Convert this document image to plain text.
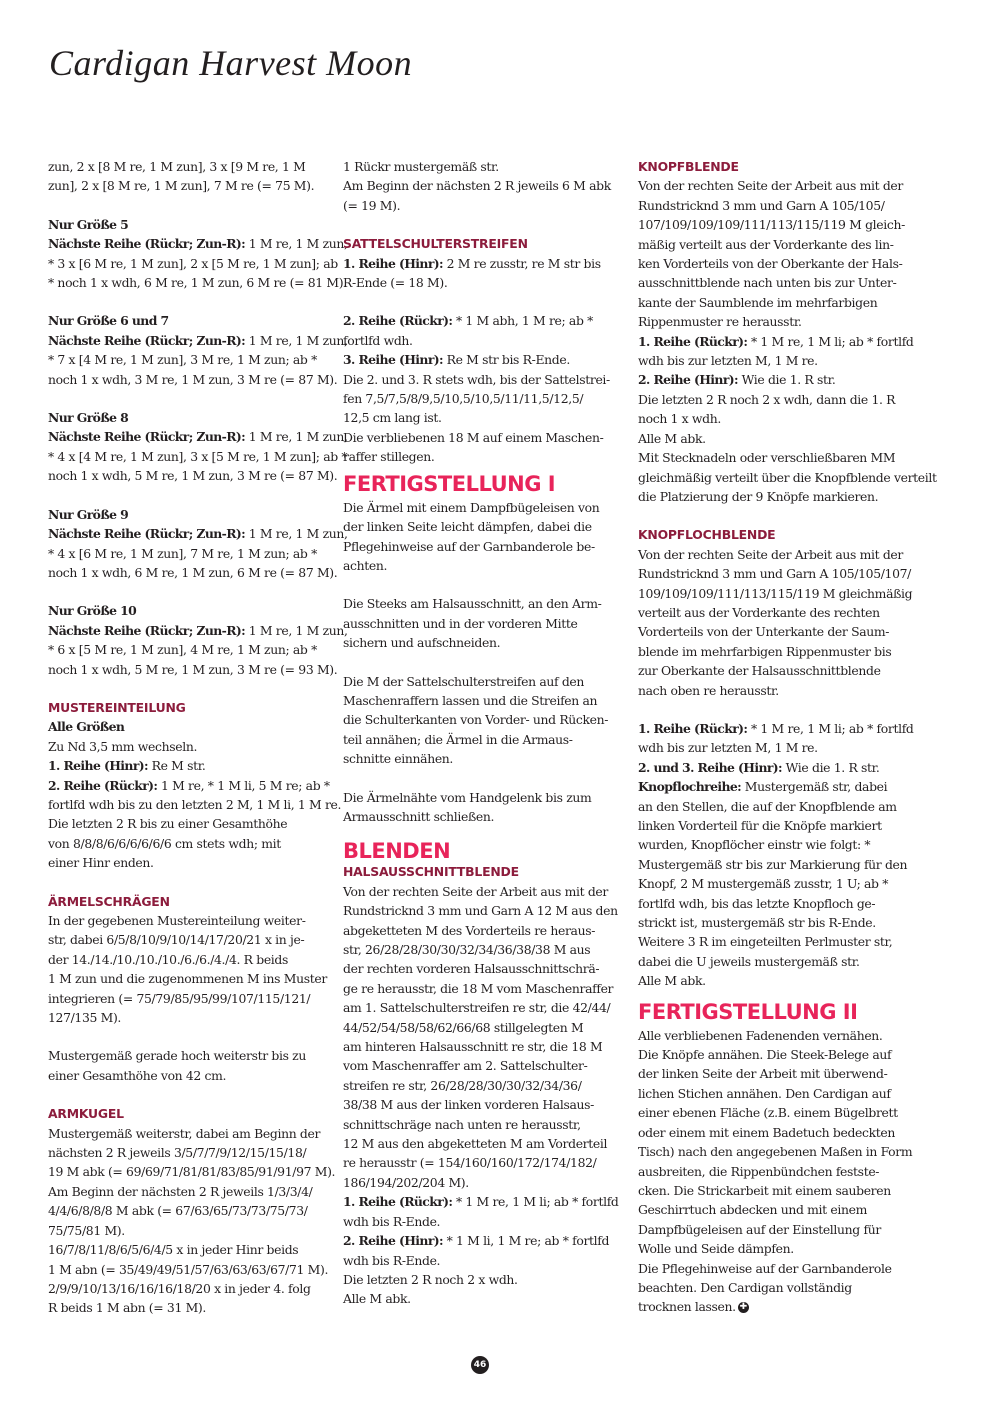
Cardigan Harvest Moon

zun, 2 x [8 M re, 1 M zun], 3 x [9 M re, 1 M
zun], 2 x [8 M re, 1 M zun], 7 M re (= 75 M).

Nur Größe 5
Nächste Reihe (Rückr; Zun-R): 1 M re, 1 M zun,
* 3 x [6 M re, 1 M zun], 2 x [5 M re, 1 M zun]; ab
* noch 1 x wdh, 6 M re, 1 M zun, 6 M re (= 81 M).

Nur Größe 6 und 7
Nächste Reihe (Rückr; Zun-R): 1 M re, 1 M zun,
* 7 x [4 M re, 1 M zun], 3 M re, 1 M zun; ab *
noch 1 x wdh, 3 M re, 1 M zun, 3 M re (= 87 M).

Nur Größe 8
Nächste Reihe (Rückr; Zun-R): 1 M re, 1 M zun,
* 4 x [4 M re, 1 M zun], 3 x [5 M re, 1 M zun]; ab *
noch 1 x wdh, 5 M re, 1 M zun, 3 M re (= 87 M).

Nur Größe 9
Nächste Reihe (Rückr; Zun-R): 1 M re, 1 M zun,
* 4 x [6 M re, 1 M zun], 7 M re, 1 M zun; ab *
noch 1 x wdh, 6 M re, 1 M zun, 6 M re (= 87 M).

Nur Größe 10
Nächste Reihe (Rückr; Zun-R): 1 M re, 1 M zun,
* 6 x [5 M re, 1 M zun], 4 M re, 1 M zun; ab *
noch 1 x wdh, 5 M re, 1 M zun, 3 M re (= 93 M).

MUSTEREINTEILUNG
Alle Größen
Zu Nd 3,5 mm wechseln.
1. Reihe (Hinr): Re M str.
2. Reihe (Rückr): 1 M re, * 1 M li, 5 M re; ab *
fortlfd wdh bis zu den letzten 2 M, 1 M li, 1 M re.
Die letzten 2 R bis zu einer Gesamthöhe
von 8/8/8/6/6/6/6/6/6 cm stets wdh; mit
einer Hinr enden.

ÄRMELSCHRÄGEN
In der gegebenen Mustereinteilung weiter-
str, dabei 6/5/8/10/9/10/14/17/20/21 x in je-
der 14./14./10./10./10./6./6./4./4. R beids
1 M zun und die zugenommenen M ins Muster
integrieren (= 75/79/85/95/99/107/115/121/
127/135 M).

Mustergemäß gerade hoch weiterstr bis zu
einer Gesamthöhe von 42 cm.

ARMKUGEL
Mustergemäß weiterstr, dabei am Beginn der
nächsten 2 R jeweils 3/5/7/7/9/12/15/15/18/
19 M abk (= 69/69/71/81/81/83/85/91/91/97 M).
Am Beginn der nächsten 2 R jeweils 1/3/3/4/
4/4/6/8/8/8 M abk (= 67/63/65/73/73/75/73/
75/75/81 M).
16/7/8/11/8/6/5/6/4/5 x in jeder Hinr beids
1 M abn (= 35/49/49/51/57/63/63/63/67/71 M).
2/9/9/10/13/16/16/16/18/20 x in jeder 4. folg
R beids 1 M abn (= 31 M).

1 Rückr mustergemäß str.
Am Beginn der nächsten 2 R jeweils 6 M abk
(= 19 M).

SATTELSCHULTERSTREIFEN
1. Reihe (Hinr): 2 M re zusstr, re M str bis
R-Ende (= 18 M).

2. Reihe (Rückr): * 1 M abh, 1 M re; ab *
fortlfd wdh.
3. Reihe (Hinr): Re M str bis R-Ende.
Die 2. und 3. R stets wdh, bis der Sattelstrei-
fen 7,5/7,5/8/9,5/10,5/10,5/11/11,5/12,5/
12,5 cm lang ist.
Die verbliebenen 18 M auf einem Maschen-
raffer stillegen.

FERTIGSTELLUNG I

Die Ärmel mit einem Dampfbügeleisen von
der linken Seite leicht dämpfen, dabei die
Pflegehinweise auf der Garnbanderole be-
achten.

Die Steeks am Halsausschnitt, an den Arm-
ausschnitten und in der vorderen Mitte
sichern und aufschneiden.

Die M der Sattelschulterstreifen auf den
Maschenraffern lassen und die Streifen an
die Schulterkanten von Vorder- und Rücken-
teil annähen; die Ärmel in die Armaus-
schnitte einnähen.

Die Ärmelnähte vom Handgelenk bis zum
Armausschnitt schließen.

BLENDEN

HALSAUSSCHNITTBLENDE
Von der rechten Seite der Arbeit aus mit der
Rundstricknd 3 mm und Garn A 12 M aus den
abgeketteten M des Vorderteils re heraus-
str, 26/28/28/30/30/32/34/36/38/38 M aus
der rechten vorderen Halsausschnittschrä-
ge re herausstr, die 18 M vom Maschenraffer
am 1. Sattelschulterstreifen re str, die 42/44/
44/52/54/58/58/62/66/68 stillgelegten M
am hinteren Halsausschnitt re str, die 18 M
vom Maschenraffer am 2. Sattelschulter-
streifen re str, 26/28/28/30/30/32/34/36/
38/38 M aus der linken vorderen Halsaus-
schnittschräge nach unten re herausstr,
12 M aus den abgeketteten M am Vorderteil
re herausstr (= 154/160/160/172/174/182/
186/194/202/204 M).
1. Reihe (Rückr): * 1 M re, 1 M li; ab * fortlfd
wdh bis R-Ende.
2. Reihe (Hinr): * 1 M li, 1 M re; ab * fortlfd
wdh bis R-Ende.
Die letzten 2 R noch 2 x wdh.
Alle M abk.

KNOPFBLENDE
Von der rechten Seite der Arbeit aus mit der
Rundstricknd 3 mm und Garn A 105/105/
107/109/109/109/111/113/115/119 M gleich-
mäßig verteilt aus der Vorderkante des lin-
ken Vorderteils von der Oberkante der Hals-
ausschnittblende nach unten bis zur Unter-
kante der Saumblende im mehrfarbigen
Rippenmuster re herausstr.
1. Reihe (Rückr): * 1 M re, 1 M li; ab * fortlfd
wdh bis zur letzten M, 1 M re.
2. Reihe (Hinr): Wie die 1. R str.
Die letzten 2 R noch 2 x wdh, dann die 1. R
noch 1 x wdh.
Alle M abk.
Mit Stecknadeln oder verschließbaren MM
gleichmäßig verteilt über die Knopfblende verteilt
die Platzierung der 9 Knöpfe markieren.

KNOPFLOCHBLENDE
Von der rechten Seite der Arbeit aus mit der
Rundstricknd 3 mm und Garn A 105/105/107/
109/109/109/111/113/115/119 M gleichmäßig
verteilt aus der Vorderkante des rechten
Vorderteils von der Unterkante der Saum-
blende im mehrfarbigen Rippenmuster bis
zur Oberkante der Halsausschnittblende
nach oben re herausstr.

1. Reihe (Rückr): * 1 M re, 1 M li; ab * fortlfd
wdh bis zur letzten M, 1 M re.
2. und 3. Reihe (Hinr): Wie die 1. R str.
Knopflochreihe: Mustergemäß str, dabei
an den Stellen, die auf der Knopfblende am
linken Vorderteil für die Knöpfe markiert
wurden, Knopflöcher einstr wie folgt: *
Mustergemäß str bis zur Markierung für den
Knopf, 2 M mustergemäß zusstr, 1 U; ab *
fortlfd wdh, bis das letzte Knopfloch ge-
strickt ist, mustergemäß str bis R-Ende.
Weitere 3 R im eingeteilten Perlmuster str,
dabei die U jeweils mustergemäß str.
Alle M abk.

FERTIGSTELLUNG II

Alle verbliebenen Fadenenden vernähen.
Die Knöpfe annähen. Die Steek-Belege auf
der linken Seite der Arbeit mit überwend-
lichen Stichen annähen. Den Cardigan auf
einer ebenen Fläche (z.B. einem Bügelbrett
oder einem mit einem Badetuch bedeckten
Tisch) nach den angegebenen Maßen in Form
ausbreiten, die Rippenbündchen festste-
cken. Die Strickarbeit mit einem sauberen
Geschirrtuch abdecken und mit einem
Dampfbügeleisen auf der Einstellung für
Wolle und Seide dämpfen.
Die Pflegehinweise auf der Garnbanderole
beachten. Den Cardigan vollständig
trocknen lassen. ✚

46
